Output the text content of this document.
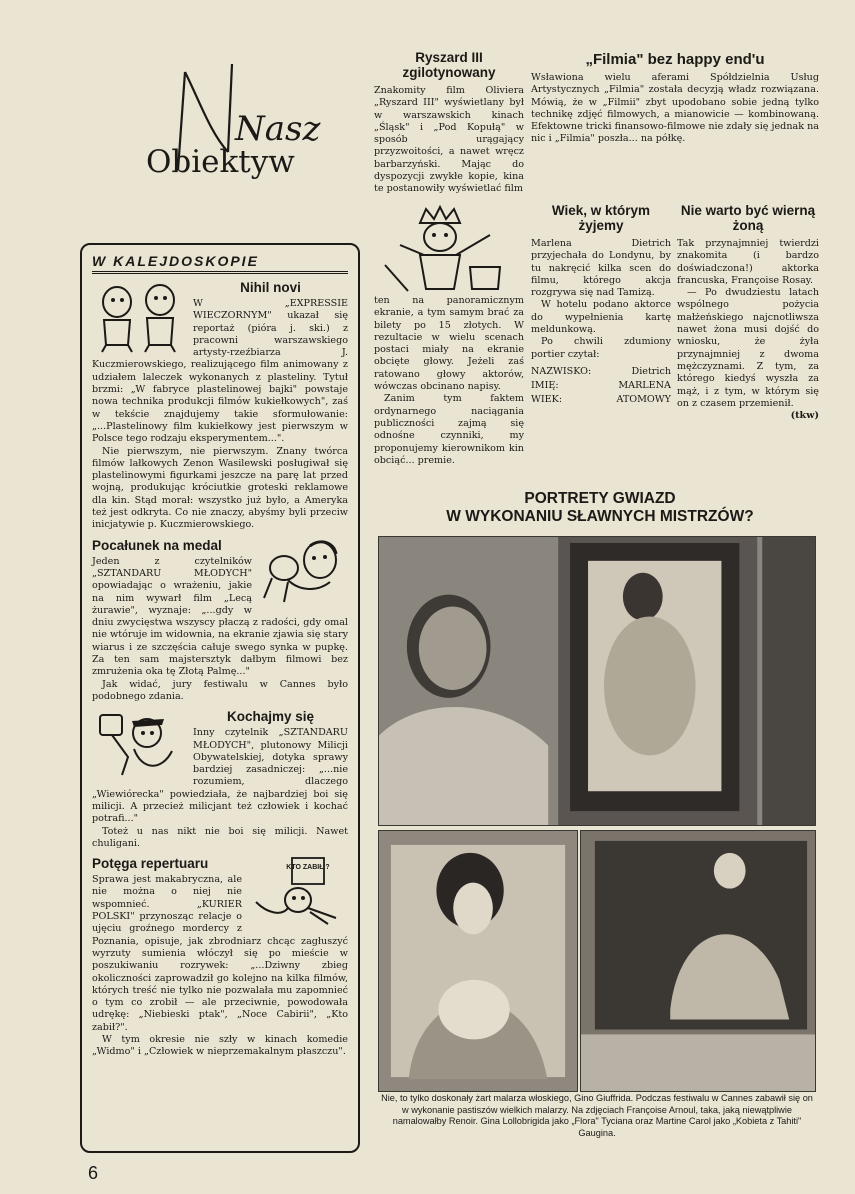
Nasz
Obiektyw
W KALEJDOSKOPIE
Nihil novi

W „EXPRESSIE WIECZORNYM" ukazał się reportaż (pióra j. ski.) z pracowni warszawskiego artysty-rzeźbiarza J. Kuczmierowskiego, realizującego film animowany z udziałem laleczek wykonanych z plasteliny. Tytuł brzmi: „W fabryce plastelinowej bajki" powstaje nowa technika produkcji filmów kukiełkowych", zaś w tekście znajdujemy takie sformułowanie: „...Plastelinowy film kukiełkowy jest pierwszym w Polsce tego rodzaju eksperymentem...".

Nie pierwszym, nie pierwszym. Znany twórca filmów lałkowych Zenon Wasilewski posługiwał się plastelinowymi figurkami jeszcze na parę lat przed wojną, produkując króciutkie groteski reklamowe dla kin. Stąd morał: wszystko już było, a Ameryka też jest odkryta. Co nie znaczy, abyśmy byli przeciw inicjatywie p. Kuczmierowskiego.

Pocałunek na medal

Jeden z czytelników „SZTANDARU MŁODYCH" opowiadając o wrażeniu, jakie na nim wywarł film „Lecą żurawie", wyznaje: „...gdy w dniu zwycięstwa wszyscy płaczą z radości, gdy omal nie wtóruje im widownia, na ekranie zjawia się stary wiarus i ze szczęścia całuje swego synka w pupkę. Za ten sam majstersztyk dałbym filmowi bez zmrużenia oka tę Złotą Palmę..."

Jak widać, jury festiwalu w Cannes było podobnego zdania.

Kochajmy się

Inny czytelnik „SZTANDARU MŁODYCH", plutonowy Milicji Obywatelskiej, dotyka sprawy bardziej zasadniczej: „...nie rozumiem, dlaczego „Wiewiórecka" powiedziała, że najbardziej boi się milicji. A przecież milicjant też człowiek i kochać potrafi..."

Toteż u nas nikt nie boi się milicji. Nawet chuligani.

KTO ZABIŁ ?
Potęga repertuaru

Sprawa jest makabryczna, ale nie można o niej nie wspomnieć. „KURIER POLSKI" przynosząc relacje o ujęciu groźnego mordercy z Poznania, opisuje, jak zbrodniarz chcąc zagłuszyć wyrzuty sumienia włóczył się po mieście w poszukiwaniu rozrywek: „...Dziwny zbieg okoliczności zaprowadził go kolejno na kilka filmów, których treść nie tylko nie pozwalała mu zapomnieć o tym co zrobił — ale przeciwnie, powodowała udrękę: „Niebieski ptak", „Noce Cabirii", „Kto zabił?".

W tym okresie nie szły w kinach komedie „Widmo" i „Człowiek w nieprzemakalnym płaszczu".

Ryszard III zgilotynowany

Znakomity film Oliviera „Ryszard III" wyświetlany był w warszawskich kinach „Śląsk" i „Pod Kopułą" w sposób urągający przyzwoitości, a nawet wręcz barbarzyński. Mając do dyspozycji zwykłe kopie, kina te postanowiły wyświetlać film

ten na panoramicznym ekranie, a tym samym brać za bilety po 15 złotych. W rezultacie w wielu scenach postaci miały na ekranie obcięte głowy. Jeżeli zaś ratowano głowy aktorów, wówczas obcinano napisy.

Zanim tym faktem ordynarnego naciągania publiczności zajmą się odnośne czynniki, my proponujemy kierownikom kin obciąć... premie.

„Filmia" bez happy end'u

Wsławiona wielu aferami Spółdzielnia Usług Artystycznych „Filmia" została decyzją władz rozwiązana. Mówią, że w „Filmii" zbyt upodobano sobie jedną tylko technikę zdjęć filmowych, a mianowicie — kombinowaną. Efektowne tricki finansowo-filmowe nie zdały się jednak na nic i „Filmia" poszła... na półkę.

Wiek, w którym żyjemy

Marlena Dietrich przyjechała do Londynu, by tu nakręcić kilka scen do filmu, którego akcja rozgrywa się nad Tamizą.

W hotelu podano aktorce do wypełnienia kartę meldunkową.

Po chwili zdumiony portier czytał:

NAZWISKO:	Dietrich
IMIĘ:	MARLENA
WIEK:	ATOMOWY
Nie warto być wierną żoną

Tak przynajmniej twierdzi znakomita (i bardzo doświadczona!) aktorka francuska, Françoise Rosay.

— Po dwudziestu latach wspólnego pożycia małżeńskiego najcnotliwsza nawet żona musi dojść do wniosku, że żyła przynajmniej z dwoma mężczyznami. Z tym, za którego kiedyś wyszła za mąż, i z tym, w którym się on z czasem przemienił.

(tkw)

PORTRETY GWIAZD
W WYKONANIU SŁAWNYCH MISTRZÓW?
Nie, to tylko doskonały żart malarza włoskiego, Gino Giuffrida. Podczas festiwalu w Cannes zabawił się on w wykonanie pastiszów wielkich malarzy. Na zdjęciach Françoise Arnoul, taka, jaką niewątpliwie namalowałby Renoir. Gina Lollobrigida jako „Flora" Tyciana oraz Martine Carol jako „Kobieta z Tahiti" Gaugina.
6
